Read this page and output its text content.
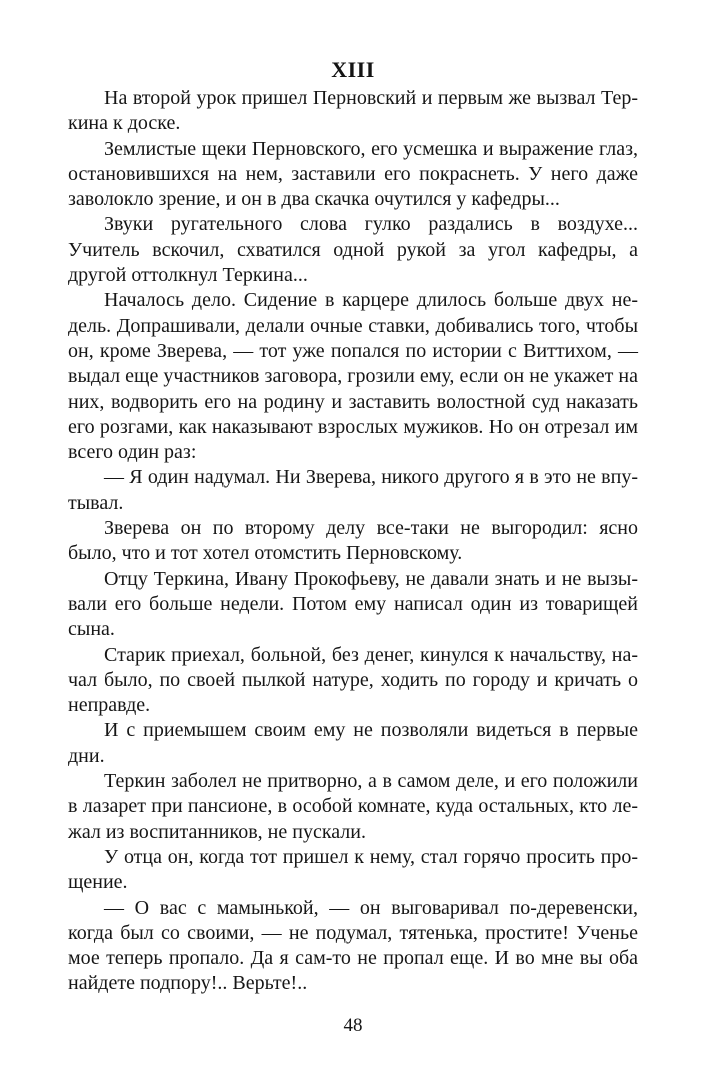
XIII

На второй урок пришел Перновский и первым же вызвал Теркина к доске.

Землистые щеки Перновского, его усмешка и выражение глаз, остановившихся на нем, заставили его покраснеть. У него даже заволокло зрение, и он в два скачка очутился у кафедры...

Звуки ругательного слова гулко раздались в воздухе... Учитель вскочил, схватился одной рукой за угол кафедры, а другой оттолкнул Теркина...

Началось дело. Сидение в карцере длилось больше двух недель. Допрашивали, делали очные ставки, добивались того, чтобы он, кроме Зверева, — тот уже попался по истории с Виттихом, — выдал еще участников заговора, грозили ему, если он не укажет на них, водворить его на родину и заставить волостной суд наказать его розгами, как наказывают взрослых мужиков. Но он отрезал им всего один раз:

— Я один надумал. Ни Зверева, никого другого я в это не впутывал.

Зверева он по второму делу все-таки не выгородил: ясно было, что и тот хотел отомстить Перновскому.

Отцу Теркина, Ивану Прокофьеву, не давали знать и не вызывали его больше недели. Потом ему написал один из товарищей сына.

Старик приехал, больной, без денег, кинулся к начальству, начал было, по своей пылкой натуре, ходить по городу и кричать о неправде.

И с приемышем своим ему не позволяли видеться в первые дни.

Теркин заболел не притворно, а в самом деле, и его положили в лазарет при пансионе, в особой комнате, куда остальных, кто лежал из воспитанников, не пускали.

У отца он, когда тот пришел к нему, стал горячо просить прощение.

— О вас с мамынькой, — он выговаривал по-деревенски, когда был со своими, — не подумал, тятенька, простите! Ученье мое теперь пропало. Да я сам-то не пропал еще. И во мне вы оба найдете подпору!.. Верьте!..

48
